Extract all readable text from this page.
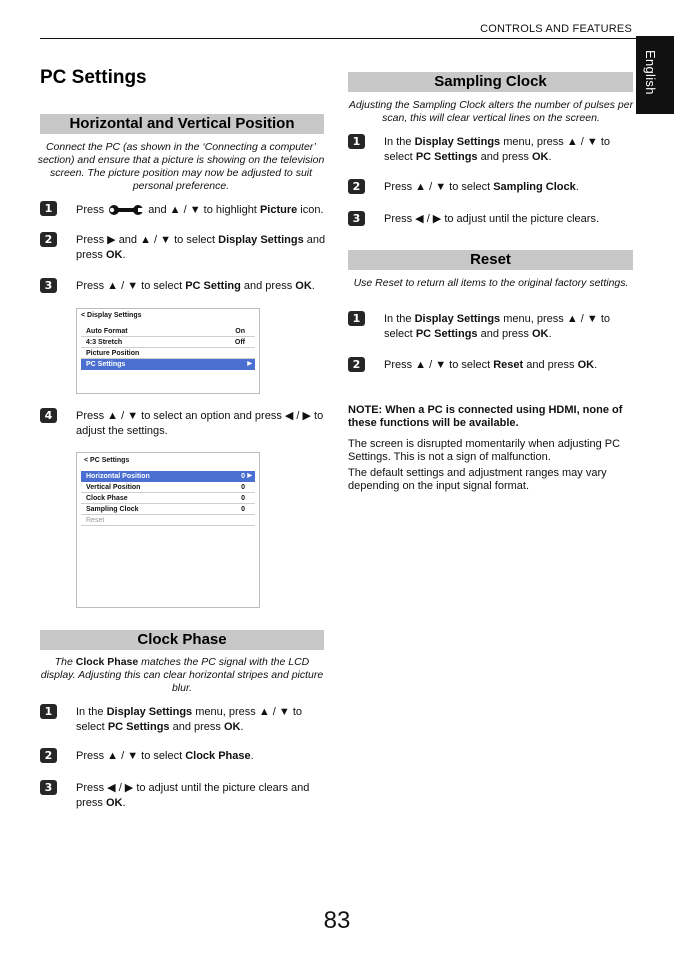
CONTROLS AND FEATURES
English
PC Settings
Horizontal and Vertical Position
Connect the PC (as shown in the ‘Connecting a computer’ section) and ensure that a picture is showing on the television screen. The picture position may now be adjusted to suit personal preference.
1	Press	and ▲ / ▼ to highlight Picture icon.
2	Press ▶ and ▲ / ▼ to select Display Settings and press OK.
3	Press ▲ / ▼ to select PC Setting and press OK.
< Display Settings
Auto Format	On
4:3 Stretch	Off
Picture Position
PC Settings	▶
4	Press ▲ / ▼ to select an option and press ◀ / ▶ to adjust the settings.
< PC Settings
Horizontal Position	0 ▶
Vertical Position	0
Clock Phase	0
Sampling Clock	0
Reset
Clock Phase
The Clock Phase matches the PC signal with the LCD display. Adjusting this can clear horizontal stripes and picture blur.
1	In the Display Settings menu, press ▲ / ▼ to select PC Settings and press OK.
2	Press ▲ / ▼ to select Clock Phase.
3	Press ◀ / ▶ to adjust until the picture clears and press OK.
Sampling Clock
Adjusting the Sampling Clock alters the number of pulses per scan, this will clear vertical lines on the screen.
1	In the Display Settings menu, press ▲ / ▼ to select PC Settings and press OK.
2	Press ▲ / ▼ to select Sampling Clock.
3	Press ◀ / ▶ to adjust until the picture clears.
Reset
Use Reset to return all items to the original factory settings.
1	In the Display Settings menu, press ▲ / ▼ to select PC Settings and press OK.
2	Press ▲ / ▼ to select Reset and press OK.
NOTE: When a PC is connected using HDMI, none of these functions will be available.
The screen is disrupted momentarily when adjusting PC Settings. This is not a sign of malfunction.
The default settings and adjustment ranges may vary depending on the input signal format.
83
